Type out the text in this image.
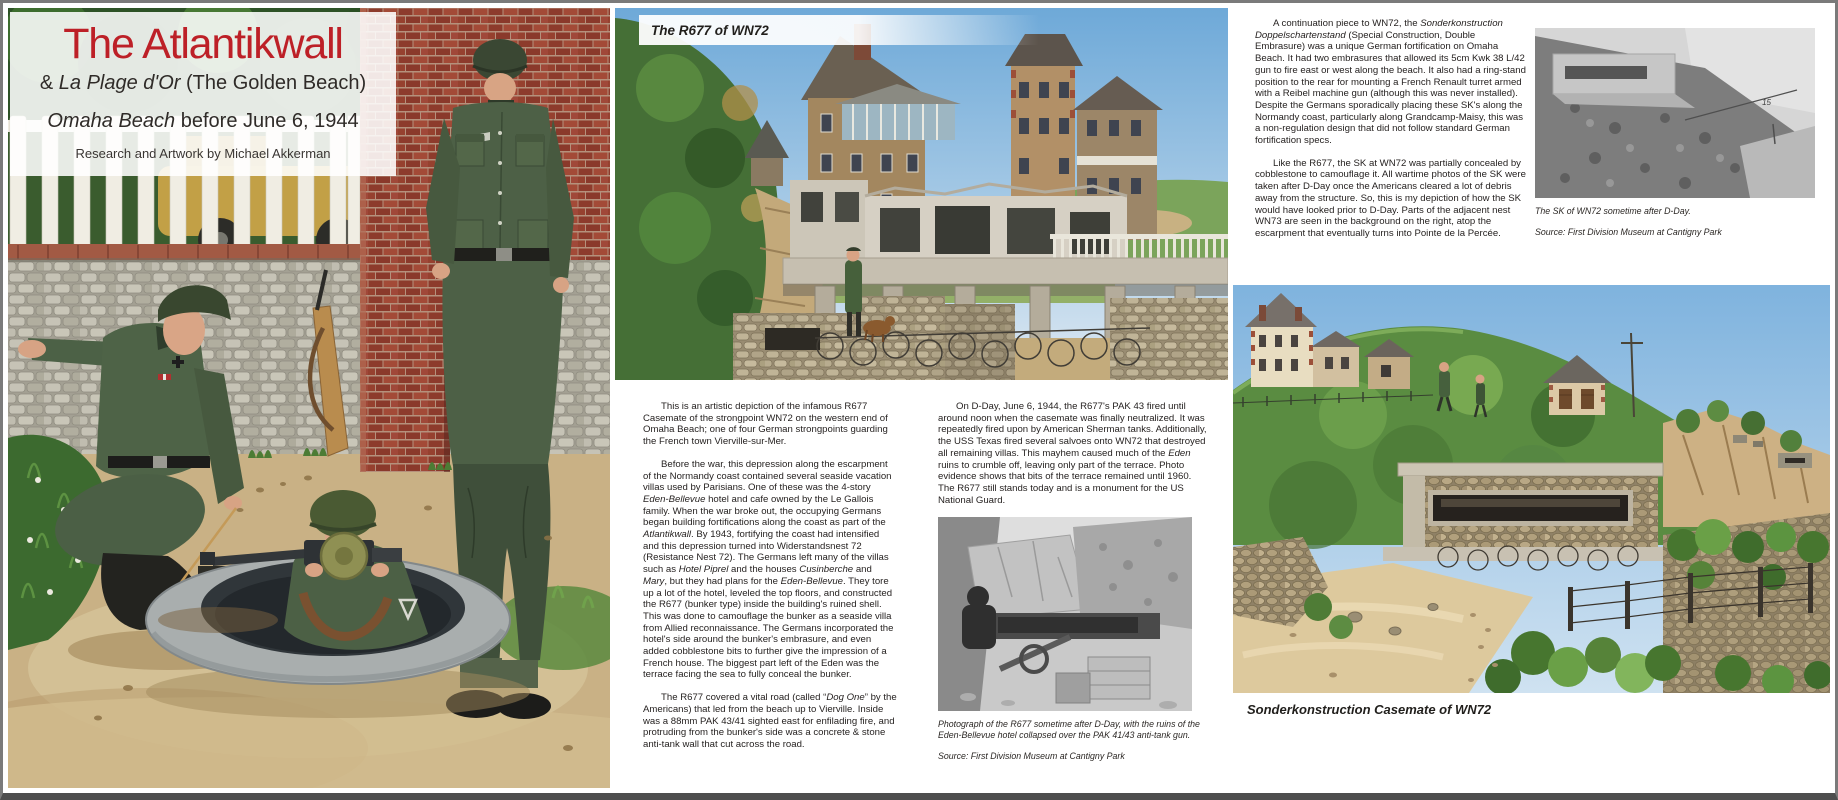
The Atlantikwall
& La Plage d'Or (The Golden Beach)
Omaha Beach before June 6, 1944
Research and Artwork by Michael Akkerman
The R677 of WN72

This is an artistic depiction of the infamous R677 Casemate of the strongpoint WN72 on the western end of Omaha Beach; one of four German strongpoints guarding the French town Vierville-sur-Mer.

Before the war, this depression along the escarpment of the Normandy coast contained several seaside vacation villas used by Parisians. One of these was the 4-story Eden-Bellevue hotel and cafe owned by the Le Gallois family. When the war broke out, the occupying Germans began building fortifications along the coast as part of the Atlantikwall. By 1943, fortifying the coast had intensified and this depression turned into Widerstandsnest 72 (Resistance Nest 72). The Germans left many of the villas such as Hotel Piprel and the houses Cusinberche and Mary, but they had plans for the Eden-Bellevue. They tore up a lot of the hotel, leveled the top floors, and constructed the R677 (bunker type) inside the building's ruined shell. This was done to camouflage the bunker as a seaside villa from Allied reconnaissance. The Germans incorporated the hotel's side around the bunker's embrasure, and even added cobblestone bits to further give the impression of a French house. The biggest part left of the Eden was the terrace facing the sea to fully conceal the bunker.

The R677 covered a vital road (called “Dog One” by the Americans) that led from the beach up to Vierville. Inside was a 88mm PAK 43/41 sighted east for enfilading fire, and protruding from the bunker's side was a concrete & stone anti-tank wall that cut across the road.

On D-Day, June 6, 1944, the R677's PAK 43 fired until around noon when the casemate was finally neutralized. It was repeatedly fired upon by American Sherman tanks. Additionally, the USS Texas fired several salvoes onto WN72 that destroyed all remaining villas. This mayhem caused much of the Eden ruins to crumble off, leaving only part of the terrace. Photo evidence shows that bits of the terrace remained until 1960. The R677 still stands today and is a monument for the US National Guard.

Photograph of the R677 sometime after D-Day, with the ruins of the Eden-Bellevue hotel collapsed over the PAK 41/43 anti-tank gun.

Source: First Division Museum at Cantigny Park

A continuation piece to WN72, the Sonderkonstruction Doppelschartenstand (Special Construction, Double Embrasure) was a unique German fortification on Omaha Beach. It had two embrasures that allowed its 5cm Kwk 38 L/42 gun to fire east or west along the beach. It also had a ring-stand position to the rear for mounting a French Renault turret armed with a Reibel machine gun (although this was never installed). Despite the Germans sporadically placing these SK's along the Normandy coast, particularly along Grandcamp-Maisy, this was a non-regulation design that did not follow standard German fortification specs.

Like the R677, the SK at WN72 was partially concealed by cobblestone to camouflage it. All wartime photos of the SK were taken after D-Day once the Americans cleared a lot of debris away from the structure. So, this is my depiction of how the SK would have looked prior to D-Day. Parts of the adjacent nest WN73 are seen in the background on the right, atop the escarpment that eventually turns into Pointe de la Percée.

The SK of WN72 sometime after D-Day.

Source: First Division Museum at Cantigny Park

Sonderkonstruction Casemate of WN72
